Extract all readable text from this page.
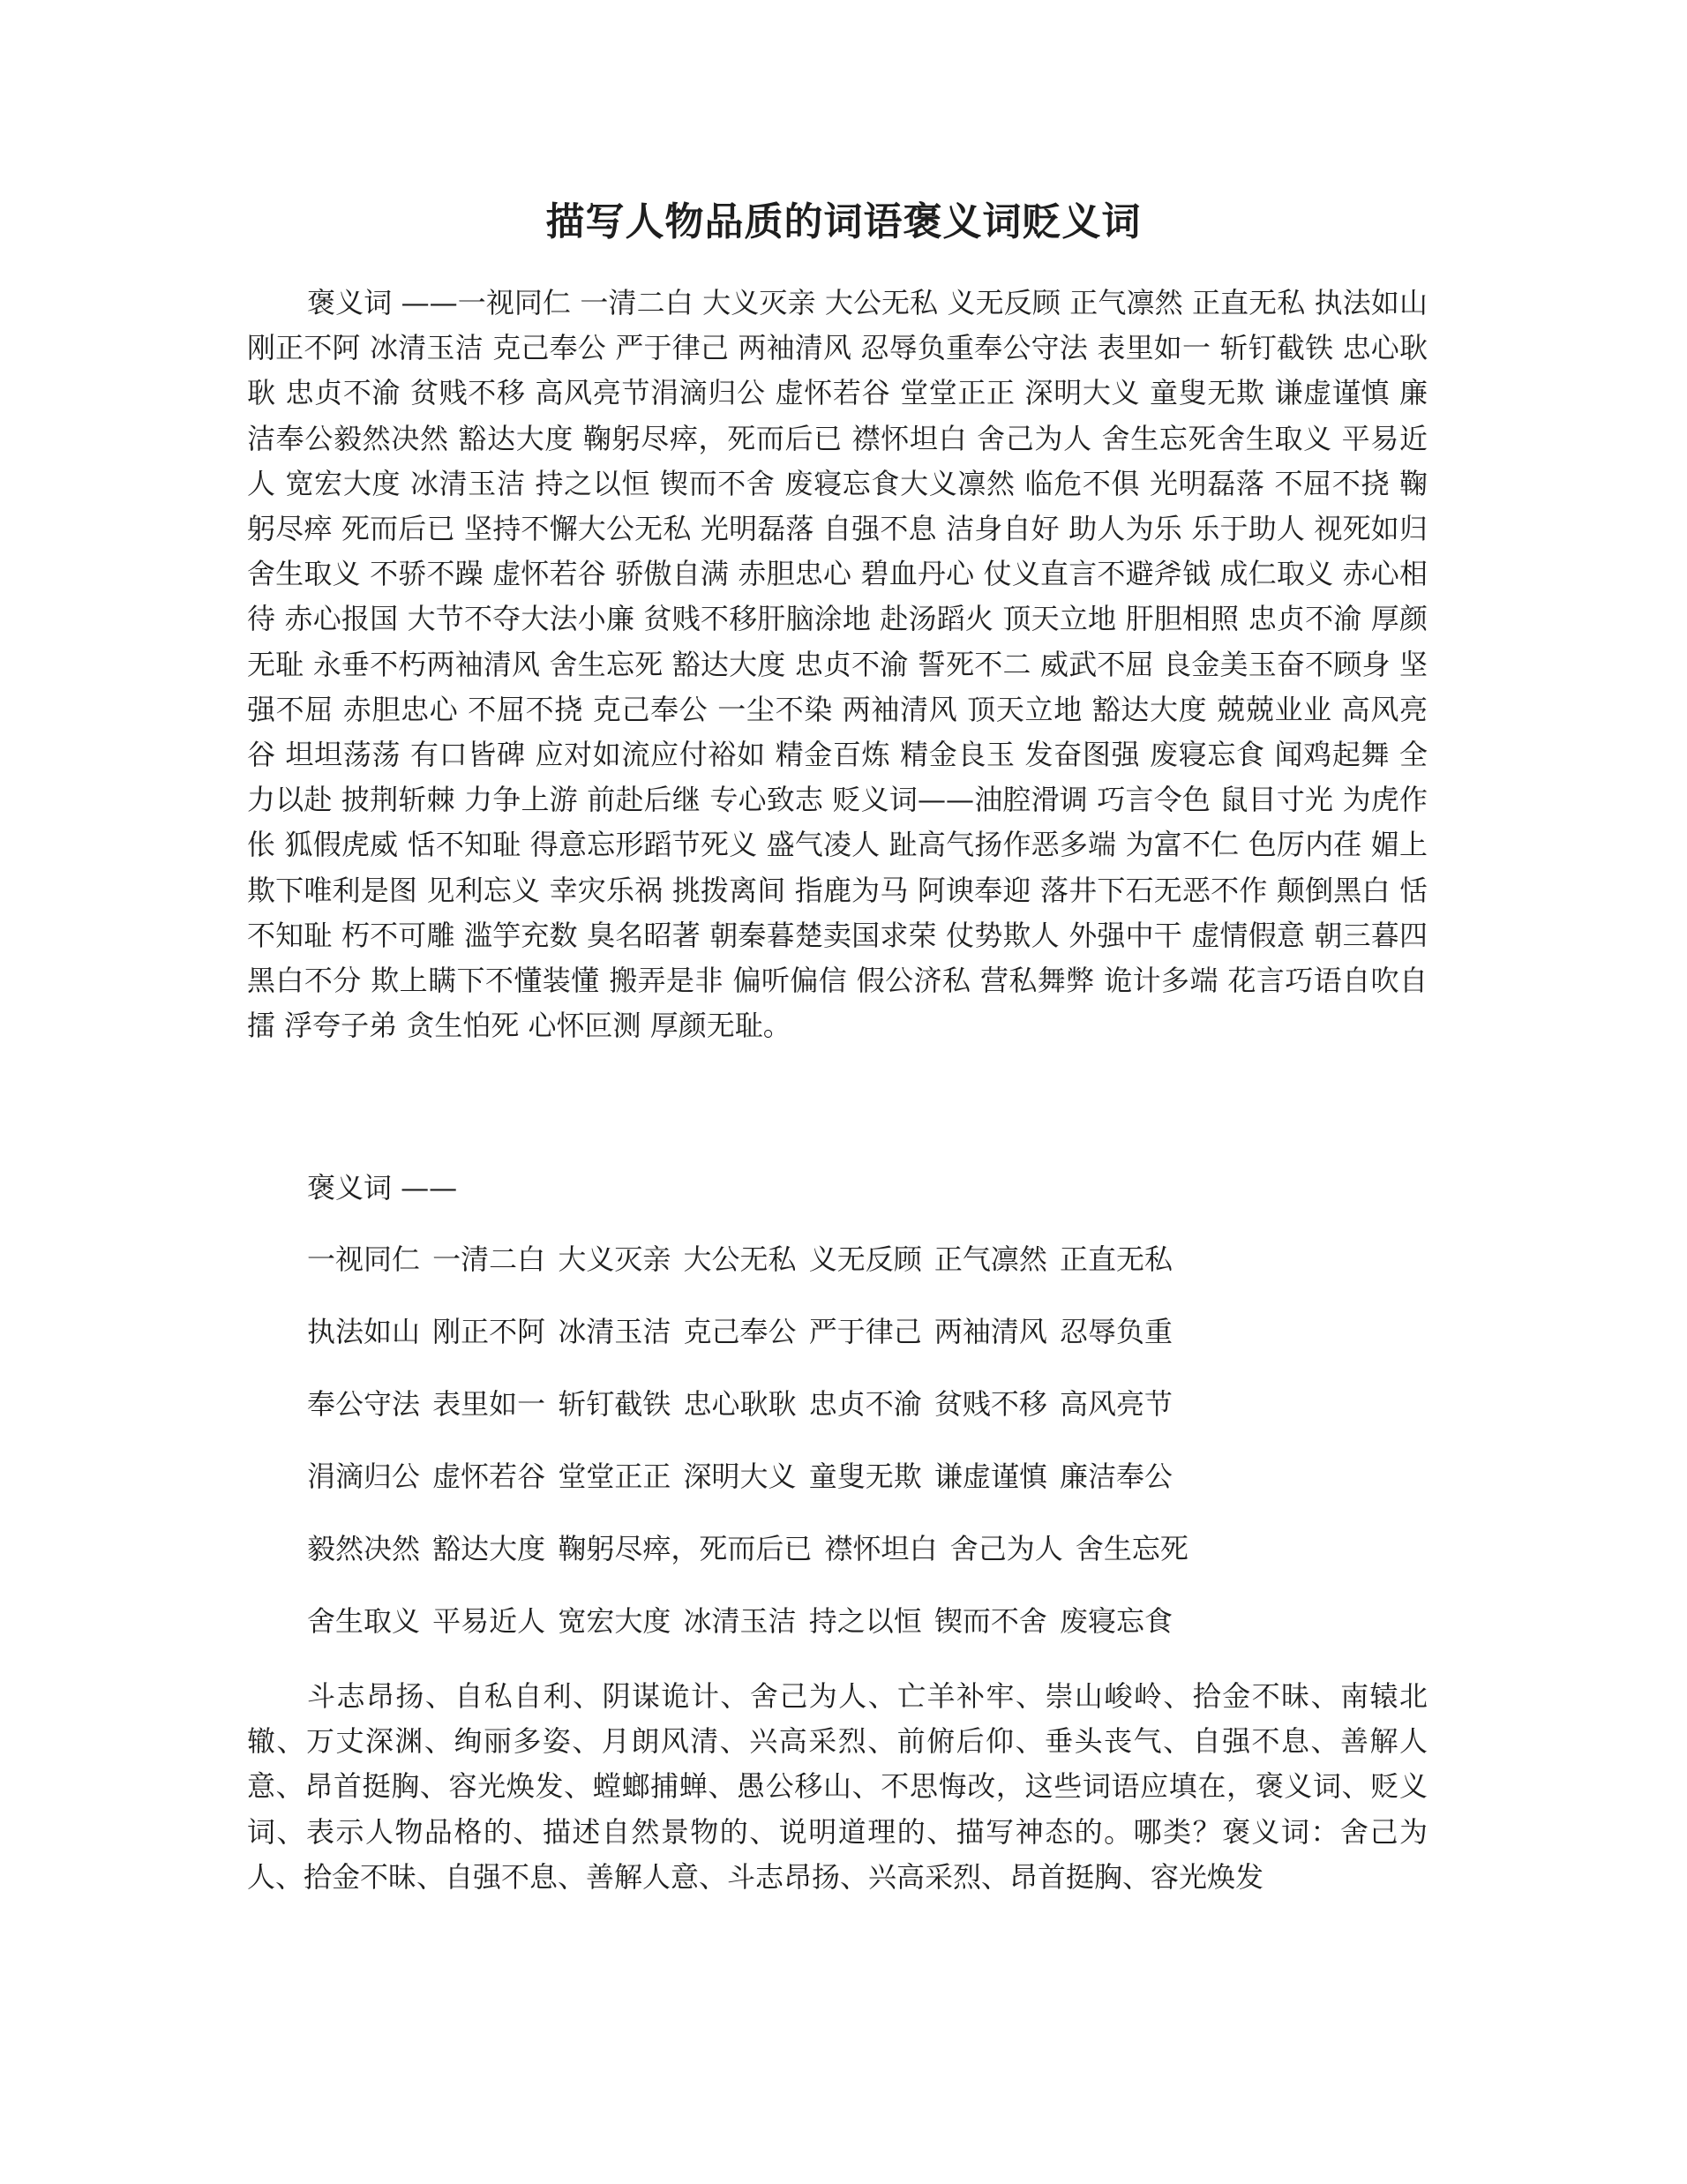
描写人物品质的词语褒义词贬义词

褒义词 ——一视同仁 一清二白 大义灭亲 大公无私 义无反顾 正气凛然 正直无私 执法如山 刚正不阿 冰清玉洁 克己奉公 严于律己 两袖清风 忍辱负重奉公守法 表里如一 斩钉截铁 忠心耿耿 忠贞不渝 贫贱不移 高风亮节涓滴归公 虚怀若谷 堂堂正正 深明大义 童叟无欺 谦虚谨慎 廉洁奉公毅然决然 豁达大度 鞠躬尽瘁，死而后已 襟怀坦白 舍己为人 舍生忘死舍生取义 平易近人 宽宏大度 冰清玉洁 持之以恒 锲而不舍 废寝忘食大义凛然 临危不俱 光明磊落 不屈不挠 鞠躬尽瘁 死而后已 坚持不懈大公无私 光明磊落 自强不息 洁身自好 助人为乐 乐于助人 视死如归舍生取义 不骄不躁 虚怀若谷 骄傲自满 赤胆忠心 碧血丹心 仗义直言不避斧钺 成仁取义 赤心相待 赤心报国 大节不夺大法小廉 贫贱不移肝脑涂地 赴汤蹈火 顶天立地 肝胆相照 忠贞不渝 厚颜无耻 永垂不朽两袖清风 舍生忘死 豁达大度 忠贞不渝 誓死不二 威武不屈 良金美玉奋不顾身 坚强不屈 赤胆忠心 不屈不挠 克己奉公 一尘不染 两袖清风 顶天立地 豁达大度 兢兢业业 高风亮谷 坦坦荡荡 有口皆碑 应对如流应付裕如 精金百炼 精金良玉 发奋图强 废寝忘食 闻鸡起舞 全力以赴 披荆斩棘 力争上游 前赴后继 专心致志 贬义词——油腔滑调 巧言令色 鼠目寸光 为虎作伥 狐假虎威 恬不知耻 得意忘形蹈节死义 盛气凌人 趾高气扬作恶多端 为富不仁 色厉内荏 媚上欺下唯利是图 见利忘义 幸灾乐祸 挑拨离间 指鹿为马 阿谀奉迎 落井下石无恶不作 颠倒黑白 恬不知耻 朽不可雕 滥竽充数 臭名昭著 朝秦暮楚卖国求荣 仗势欺人 外强中干 虚情假意 朝三暮四 黑白不分 欺上瞒下不懂装懂 搬弄是非 偏听偏信 假公济私 营私舞弊 诡计多端 花言巧语自吹自擂 浮夸子弟 贪生怕死 心怀叵测 厚颜无耻。

褒义词 ——

一视同仁 一清二白 大义灭亲 大公无私 义无反顾 正气凛然 正直无私

执法如山 刚正不阿 冰清玉洁 克己奉公 严于律己 两袖清风 忍辱负重

奉公守法 表里如一 斩钉截铁 忠心耿耿 忠贞不渝 贫贱不移 高风亮节

涓滴归公 虚怀若谷 堂堂正正 深明大义 童叟无欺 谦虚谨慎 廉洁奉公

毅然决然 豁达大度 鞠躬尽瘁，死而后已 襟怀坦白 舍己为人 舍生忘死

舍生取义 平易近人 宽宏大度 冰清玉洁 持之以恒 锲而不舍 废寝忘食

斗志昂扬、自私自利、阴谋诡计、舍己为人、亡羊补牢、崇山峻岭、拾金不昧、南辕北辙、万丈深渊、绚丽多姿、月朗风清、兴高采烈、前俯后仰、垂头丧气、自强不息、善解人意、昂首挺胸、容光焕发、螳螂捕蝉、愚公移山、不思悔改，这些词语应填在，褒义词、贬义词、表示人物品格的、描述自然景物的、说明道理的、描写神态的。哪类？褒义词：舍己为人、拾金不昧、自强不息、善解人意、斗志昂扬、兴高采烈、昂首挺胸、容光焕发
